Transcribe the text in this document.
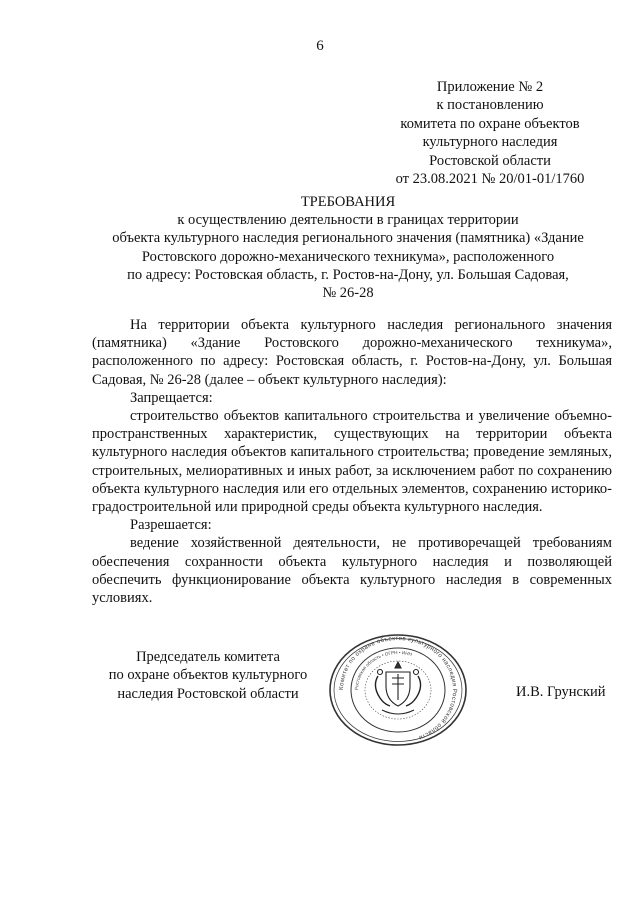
6
Приложение № 2
к постановлению
комитета по охране объектов
культурного наследия
Ростовской области
от 23.08.2021 № 20/01-01/1760
ТРЕБОВАНИЯ
к осуществлению деятельности в границах территории
объекта культурного наследия регионального значения (памятника) «Здание
Ростовского дорожно-механического техникума», расположенного
по адресу: Ростовская область, г. Ростов-на-Дону, ул. Большая Садовая,
№ 26-28

На территории объекта культурного наследия регионального значения (памятника) «Здание Ростовского дорожно-механического техникума», расположенного по адресу: Ростовская область, г. Ростов-на-Дону, ул. Большая Садовая, № 26-28 (далее – объект культурного наследия):

Запрещается:

строительство объектов капитального строительства и увеличение объемно-пространственных характеристик, существующих на территории объекта культурного наследия объектов капитального строительства; проведение земляных, строительных, мелиоративных и иных работ, за исключением работ по сохранению объекта культурного наследия или его отдельных элементов, сохранению историко-градостроительной или природной среды объекта культурного наследия.

Разрешается:

ведение хозяйственной деятельности, не противоречащей требованиям обеспечения сохранности объекта культурного наследия и позволяющей обеспечить функционирование объекта культурного наследия в современных условиях.

Председатель комитета
по охране объектов культурного
наследия Ростовской области	Комитет по охране объектов культурного наследия Ростовской области
Ростовская область • ОГРН • ИНН
И.В. Грунский
